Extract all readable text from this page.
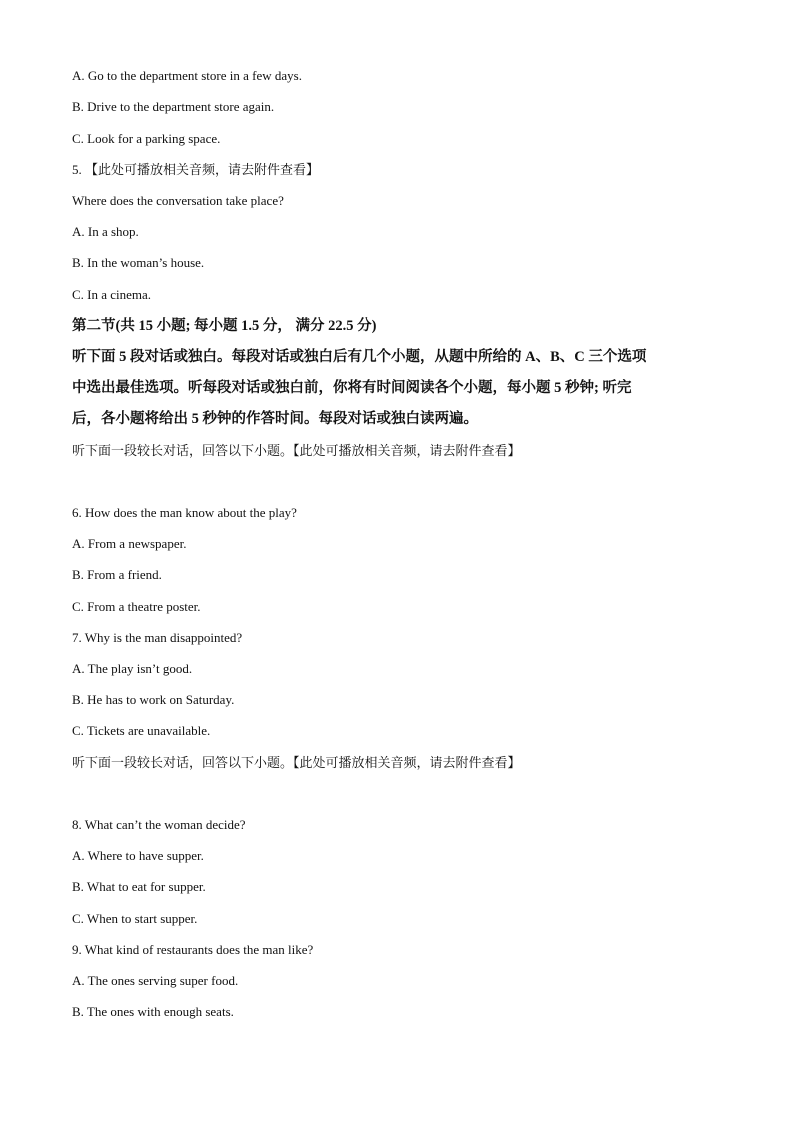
A. Go to the department store in a few days.
B. Drive to the department store again.
C. Look for a parking space.
5. 【此处可播放相关音频，请去附件查看】
Where does the conversation take place?
A. In a shop.
B. In the woman’s house.
C. In a cinema.
第二节(共 15 小题; 每小题 1.5 分， 满分 22.5 分)
听下面 5 段对话或独白。每段对话或独白后有几个小题，从题中所给的 A、B、C 三个选项
中选出最佳选项。听每段对话或独白前，你将有时间阅读各个小题，每小题 5 秒钟; 听完
后，各小题将给出 5 秒钟的作答时间。每段对话或独白读两遍。
听下面一段较长对话，回答以下小题。【此处可播放相关音频，请去附件查看】
6. How does the man know about the play?
A. From a newspaper.
B. From a friend.
C. From a theatre poster.
7. Why is the man disappointed?
A. The play isn’t good.
B. He has to work on Saturday.
C. Tickets are unavailable.
听下面一段较长对话，回答以下小题。【此处可播放相关音频，请去附件查看】
8. What can’t the woman decide?
A. Where to have supper.
B. What to eat for supper.
C. When to start supper.
9. What kind of restaurants does the man like?
A. The ones serving super food.
B. The ones with enough seats.
